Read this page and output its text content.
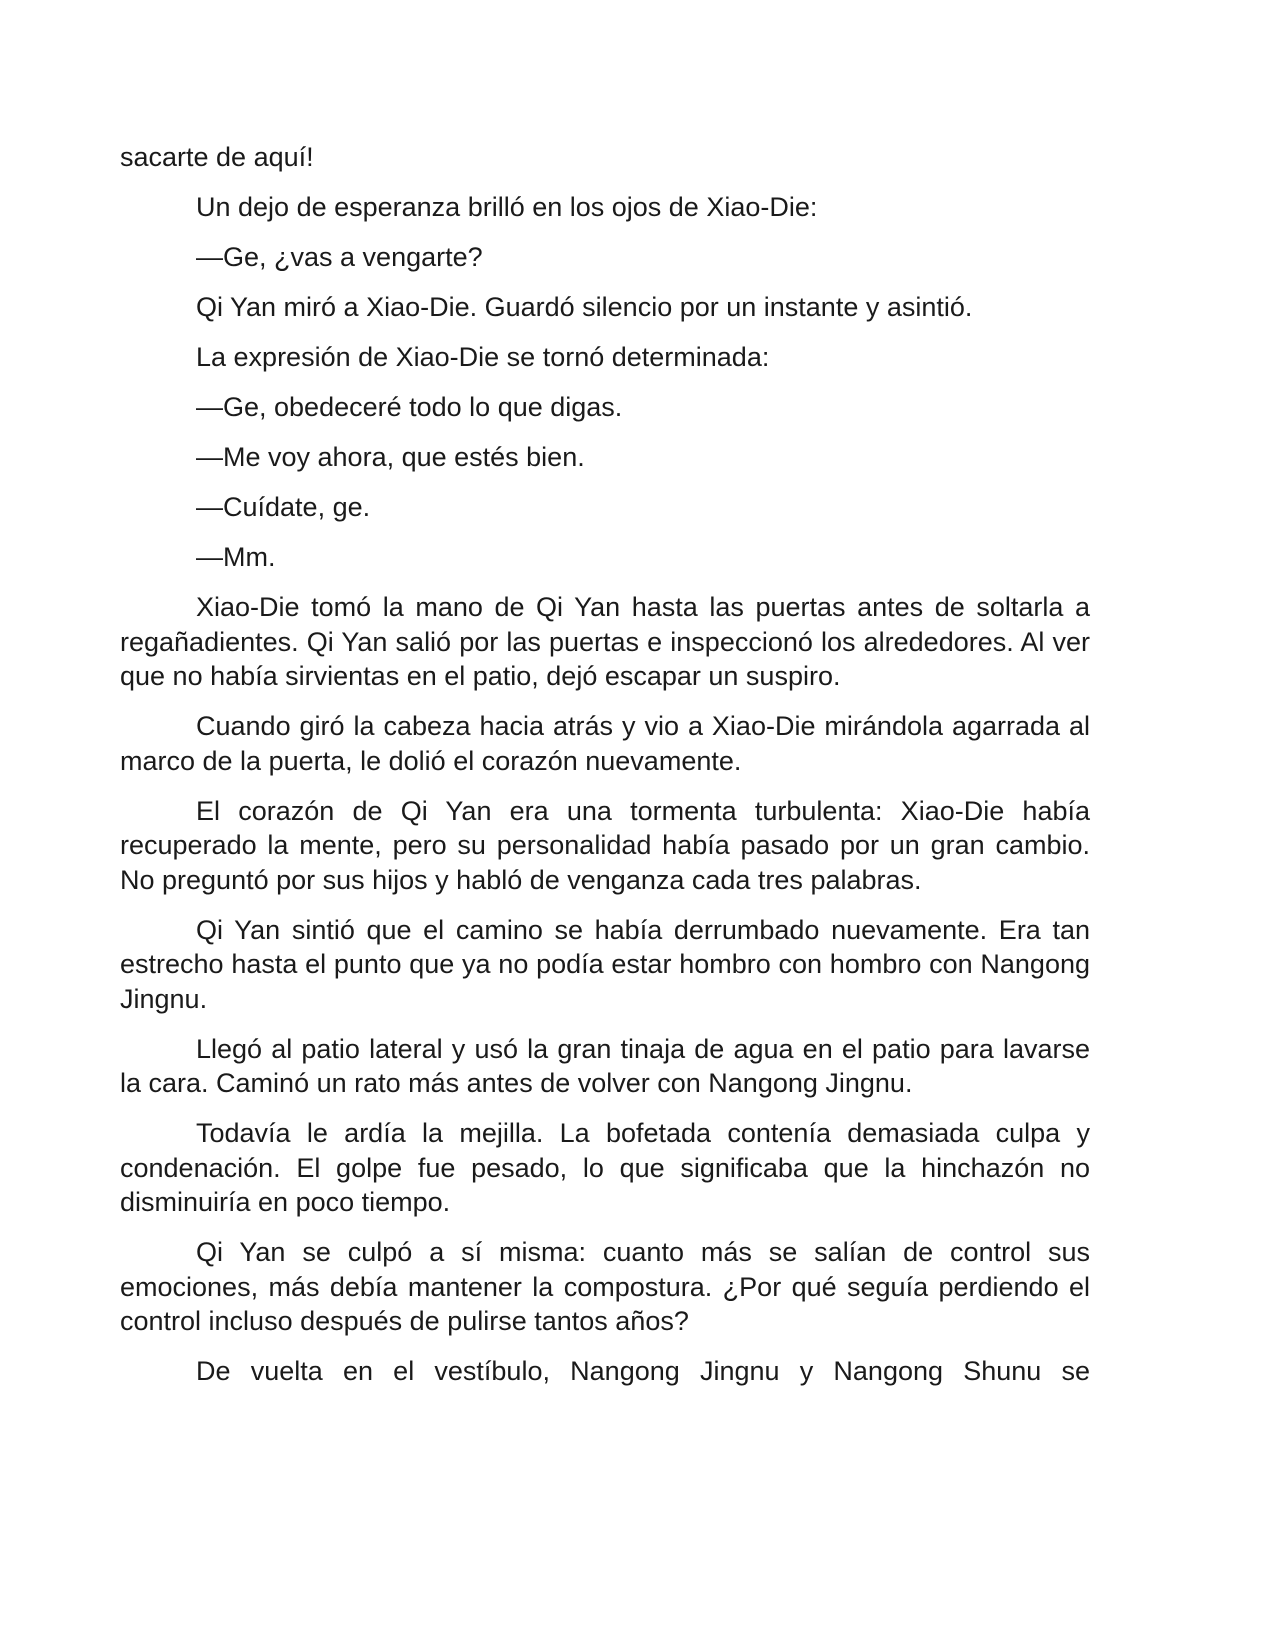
sacarte de aquí!

Un dejo de esperanza brilló en los ojos de Xiao-Die:

—Ge, ¿vas a vengarte?

Qi Yan miró a Xiao-Die. Guardó silencio por un instante y asintió.

La expresión de Xiao-Die se tornó determinada:

—Ge, obedeceré todo lo que digas.

—Me voy ahora, que estés bien.

—Cuídate, ge.

—Mm.

Xiao-Die tomó la mano de Qi Yan hasta las puertas antes de soltarla a regañadientes. Qi Yan salió por las puertas e inspeccionó los alrededores. Al ver que no había sirvientas en el patio, dejó escapar un suspiro.

Cuando giró la cabeza hacia atrás y vio a Xiao-Die mirándola agarrada al marco de la puerta, le dolió el corazón nuevamente.

El corazón de Qi Yan era una tormenta turbulenta: Xiao-Die había recuperado la mente, pero su personalidad había pasado por un gran cambio. No preguntó por sus hijos y habló de venganza cada tres palabras.

Qi Yan sintió que el camino se había derrumbado nuevamente. Era tan estrecho hasta el punto que ya no podía estar hombro con hombro con Nangong Jingnu.

Llegó al patio lateral y usó la gran tinaja de agua en el patio para lavarse la cara. Caminó un rato más antes de volver con Nangong Jingnu.

Todavía le ardía la mejilla. La bofetada contenía demasiada culpa y condenación. El golpe fue pesado, lo que significaba que la hinchazón no disminuiría en poco tiempo.

Qi Yan se culpó a sí misma: cuanto más se salían de control sus emociones, más debía mantener la compostura. ¿Por qué seguía perdiendo el control incluso después de pulirse tantos años?

De vuelta en el vestíbulo, Nangong Jingnu y Nangong Shunu se
